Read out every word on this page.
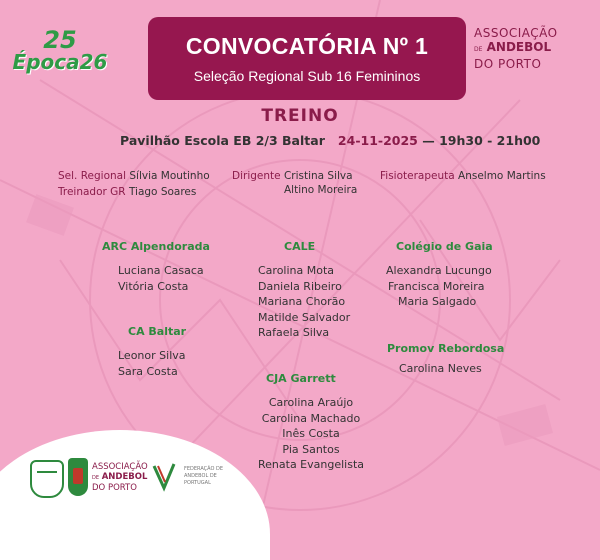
25
Época26
CONVOCATÓRIA Nº 1
Seleção Regional Sub 16 Femininos
ASSOCIAÇÃO
DE ANDEBOL
DO PORTO
TREINO
Pavilhão Escola EB 2/3 Baltar 24-11-2025 — 19h30 - 21h00
Sel. Regional Sílvia Moutinho
Treinador GR Tiago Soares
Dirigente Cristina Silva
Altino Moreira
Fisioterapeuta Anselmo Martins
ARC Alpendorada
Luciana Casaca
Vitória Costa
CALE
Carolina Mota
Daniela Ribeiro
Mariana Chorão
Matilde Salvador
Rafaela Silva
Colégio de Gaia
Alexandra Lucungo
Francisca Moreira
Maria Salgado
CA Baltar
Leonor Silva
Sara Costa
Promov Rebordosa
Carolina Neves
CJA Garrett
Carolina Araújo
Carolina Machado
Inês Costa
Pia Santos
Renata Evangelista
ASSOCIAÇÃO
DE ANDEBOL
DO PORTO
FEDERAÇÃO DE ANDEBOL DE PORTUGAL
